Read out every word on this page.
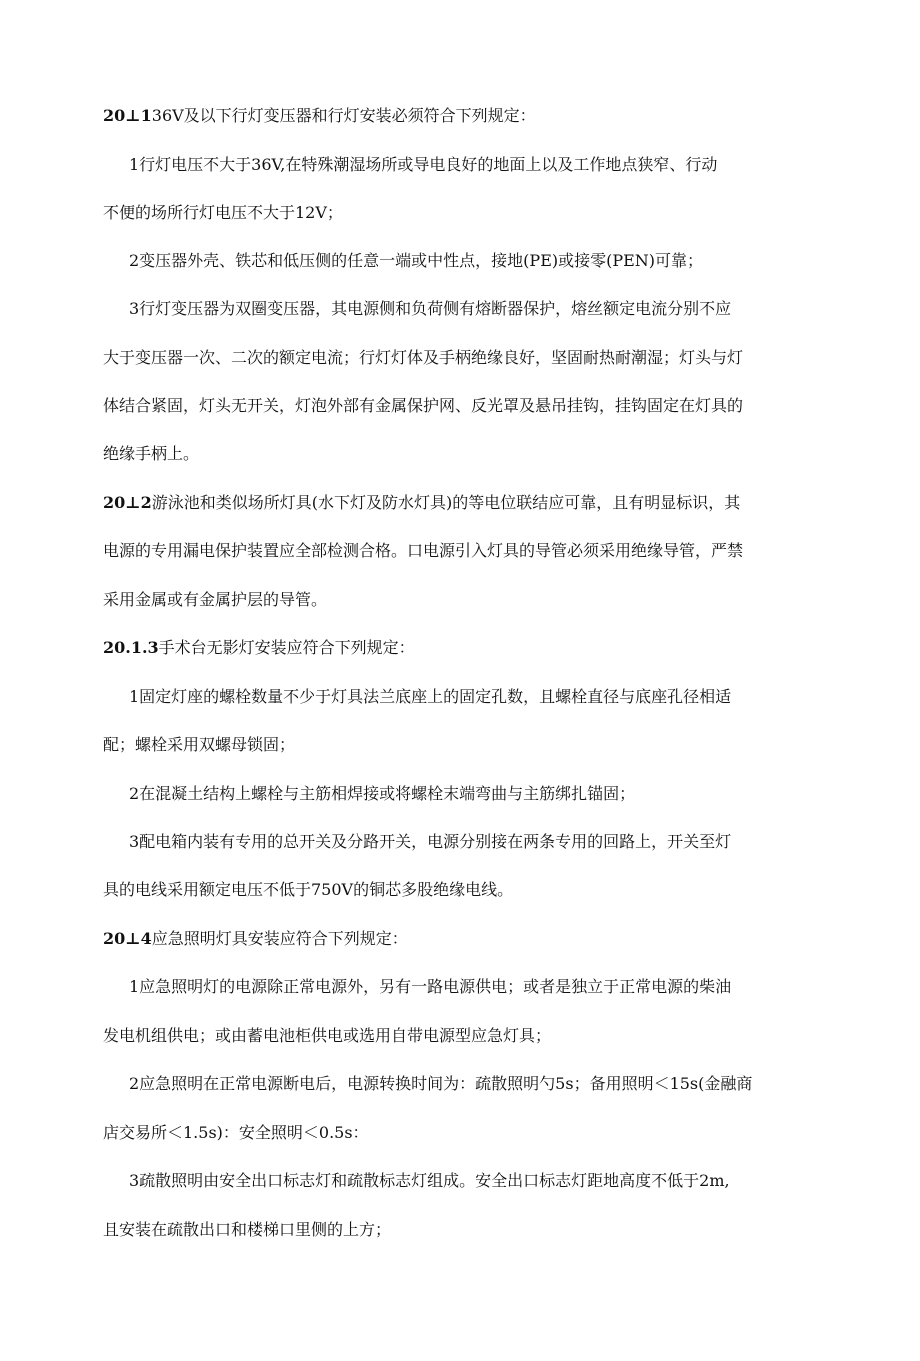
20⊥136V及以下行灯变压器和行灯安装必须符合下列规定：
1行灯电压不大于36V,在特殊潮湿场所或导电良好的地面上以及工作地点狭窄、行动
不便的场所行灯电压不大于12V；
2变压器外壳、铁芯和低压侧的任意一端或中性点，接地(PE)或接零(PEN)可靠；
3行灯变压器为双圈变压器，其电源侧和负荷侧有熔断器保护，熔丝额定电流分别不应
大于变压器一次、二次的额定电流；行灯灯体及手柄绝缘良好，坚固耐热耐潮湿；灯头与灯
体结合紧固，灯头无开关，灯泡外部有金属保护网、反光罩及悬吊挂钩，挂钩固定在灯具的
绝缘手柄上。
20⊥2游泳池和类似场所灯具(水下灯及防水灯具)的等电位联结应可靠，且有明显标识，其
电源的专用漏电保护装置应全部检测合格。口电源引入灯具的导管必须采用绝缘导管，严禁
采用金属或有金属护层的导管。
20.1.3手术台无影灯安装应符合下列规定：
1固定灯座的螺栓数量不少于灯具法兰底座上的固定孔数，且螺栓直径与底座孔径相适
配；螺栓采用双螺母锁固；
2在混凝土结构上螺栓与主筋相焊接或将螺栓末端弯曲与主筋绑扎锚固；
3配电箱内装有专用的总开关及分路开关，电源分别接在两条专用的回路上，开关至灯
具的电线采用额定电压不低于750V的铜芯多股绝缘电线。
20⊥4应急照明灯具安装应符合下列规定：
1应急照明灯的电源除正常电源外，另有一路电源供电；或者是独立于正常电源的柴油
发电机组供电；或由蓄电池柜供电或选用自带电源型应急灯具；
2应急照明在正常电源断电后，电源转换时间为：疏散照明勺5s；备用照明＜15s(金融商
店交易所＜1.5s)：安全照明＜0.5s：
3疏散照明由安全出口标志灯和疏散标志灯组成。安全出口标志灯距地高度不低于2m,
且安装在疏散出口和楼梯口里侧的上方；
